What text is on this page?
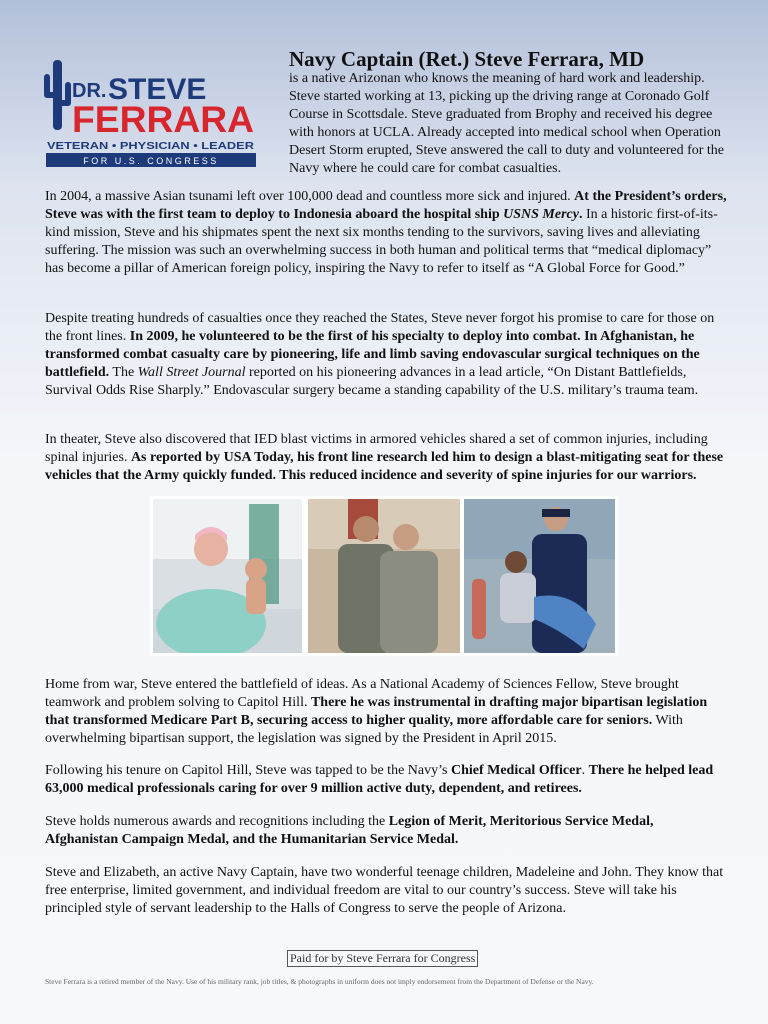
DR. STEVE
FERRARA
VETERAN • PHYSICIAN • LEADER
FOR U.S. CONGRESS
Navy Captain (Ret.) Steve Ferrara, MD

is a native Arizonan who knows the meaning of hard work and leadership. Steve started working at 13, picking up the driving range at Coronado Golf Course in Scottsdale. Steve graduated from Brophy and received his degree with honors at UCLA. Already accepted into medical school when Operation Desert Storm erupted, Steve answered the call to duty and volunteered for the Navy where he could care for combat casualties.

In 2004, a massive Asian tsunami left over 100,000 dead and countless more sick and injured. At the President’s orders, Steve was with the first team to deploy to Indonesia aboard the hospital ship USNS Mercy. In a historic first-of-its-kind mission, Steve and his shipmates spent the next six months tending to the survivors, saving lives and alleviating suffering. The mission was such an overwhelming success in both human and political terms that “medical diplomacy” has become a pillar of American foreign policy, inspiring the Navy to refer to itself as “A Global Force for Good.”

Despite treating hundreds of casualties once they reached the States, Steve never forgot his promise to care for those on the front lines. In 2009, he volunteered to be the first of his specialty to deploy into combat. In Afghanistan, he transformed combat casualty care by pioneering, life and limb saving endovascular surgical techniques on the battlefield. The Wall Street Journal reported on his pioneering advances in a lead article, “On Distant Battlefields, Survival Odds Rise Sharply.” Endovascular surgery became a standing capability of the U.S. military’s trauma team.

In theater, Steve also discovered that IED blast victims in armored vehicles shared a set of common injuries, including spinal injuries. As reported by USA Today, his front line research led him to design a blast-mitigating seat for these vehicles that the Army quickly funded. This reduced incidence and severity of spine injuries for our warriors.

Home from war, Steve entered the battlefield of ideas. As a National Academy of Sciences Fellow, Steve brought teamwork and problem solving to Capitol Hill. There he was instrumental in drafting major bipartisan legislation that transformed Medicare Part B, securing access to higher quality, more affordable care for seniors. With overwhelming bipartisan support, the legislation was signed by the President in April 2015.

Following his tenure on Capitol Hill, Steve was tapped to be the Navy’s Chief Medical Officer. There he helped lead 63,000 medical professionals caring for over 9 million active duty, dependent, and retirees.

Steve holds numerous awards and recognitions including the Legion of Merit, Meritorious Service Medal, Afghanistan Campaign Medal, and the Humanitarian Service Medal.

Steve and Elizabeth, an active Navy Captain, have two wonderful teenage children, Madeleine and John. They know that free enterprise, limited government, and individual freedom are vital to our country’s success. Steve will take his principled style of servant leadership to the Halls of Congress to serve the people of Arizona.

Paid for by Steve Ferrara for Congress

Steve Ferrara is a retired member of the Navy. Use of his military rank, job titles, & photographs in uniform does not imply endorsement from the Department of Defense or the Navy.
